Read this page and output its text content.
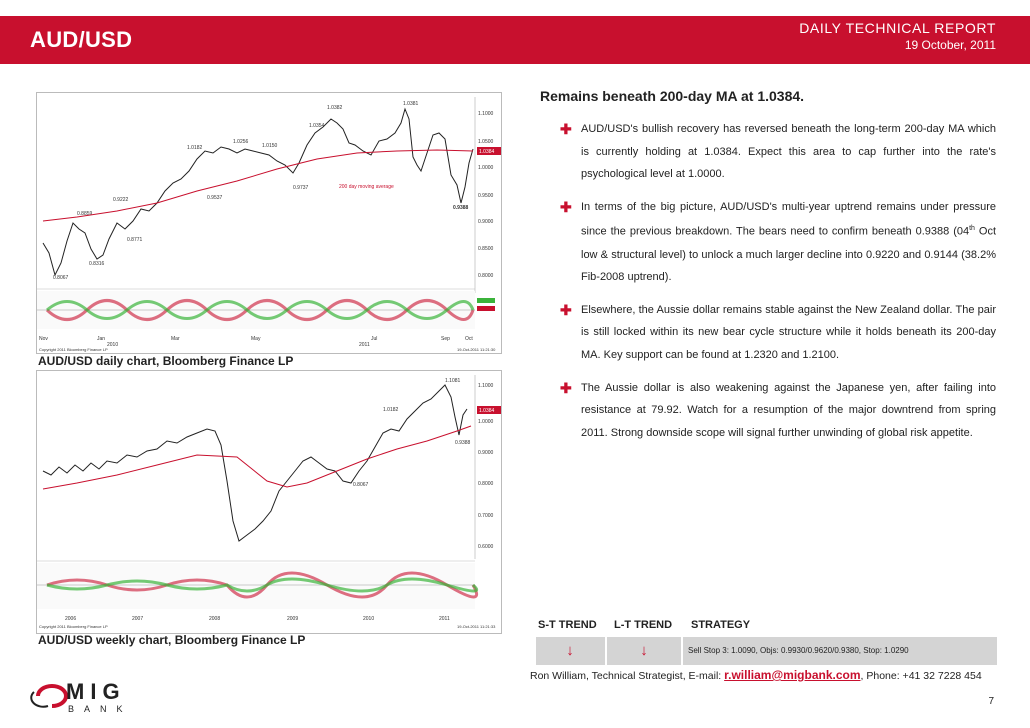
AUD/USD	DAILY TECHNICAL REPORT
19 October, 2011
1.1000
1.0500
1.0384
1.0000
0.9500
0.9000
0.8500
0.8000
1.0382
1.0381
1.0354
1.0256
1.0182	1.0150
0.9737
0.9537
0.9388
0.9222
0.8859
0.8771
0.8316
0.8067
200 day moving average
Nov	Jan	Mar	May	Jul	Sep	Oct
2010	2011
Copyright 2011 Bloomberg Finance LP	19-Oct-2011 11:21:30
AUD/USD daily chart, Bloomberg Finance LP
1.1000
1.0384
1.0000
0.9000
0.8000
0.7000
0.6000
1.1081
1.0182
0.9388
0.8067
2006	2007	2008	2009	2010	2011
Copyright 2011 Bloomberg Finance LP	19-Oct-2011 11:21:33
AUD/USD weekly chart, Bloomberg Finance LP
Remains beneath 200-day MA at 1.0384.
✚ AUD/USD's bullish recovery has reversed beneath the long-term 200-day MA which is currently holding at 1.0384. Expect this area to cap further into the rate's psychological level at 1.0000.
✚ In terms of the big picture, AUD/USD's multi-year uptrend remains under pressure since the previous breakdown. The bears need to confirm beneath 0.9388 (04th Oct low & structural level) to unlock a much larger decline into 0.9220 and 0.9144 (38.2% Fib-2008 uptrend).
✚ Elsewhere, the Aussie dollar remains stable against the New Zealand dollar. The pair is still locked within its new bear cycle structure while it holds beneath its 200-day MA. Key support can be found at 1.2320 and 1.2100.
✚ The Aussie dollar is also weakening against the Japanese yen, after failing into resistance at 79.92. Watch for a resumption of the major downtrend from spring 2011. Strong downside scope will signal further unwinding of global risk appetite.
S-T TREND L-T TREND STRATEGY
↓	↓	Sell Stop 3: 1.0090, Objs: 0.9930/0.9620/0.9380, Stop: 1.0290
Ron William, Technical Strategist, E-mail: r.william@migbank.com, Phone: +41 32 7228 454
7
MIG
BANK
